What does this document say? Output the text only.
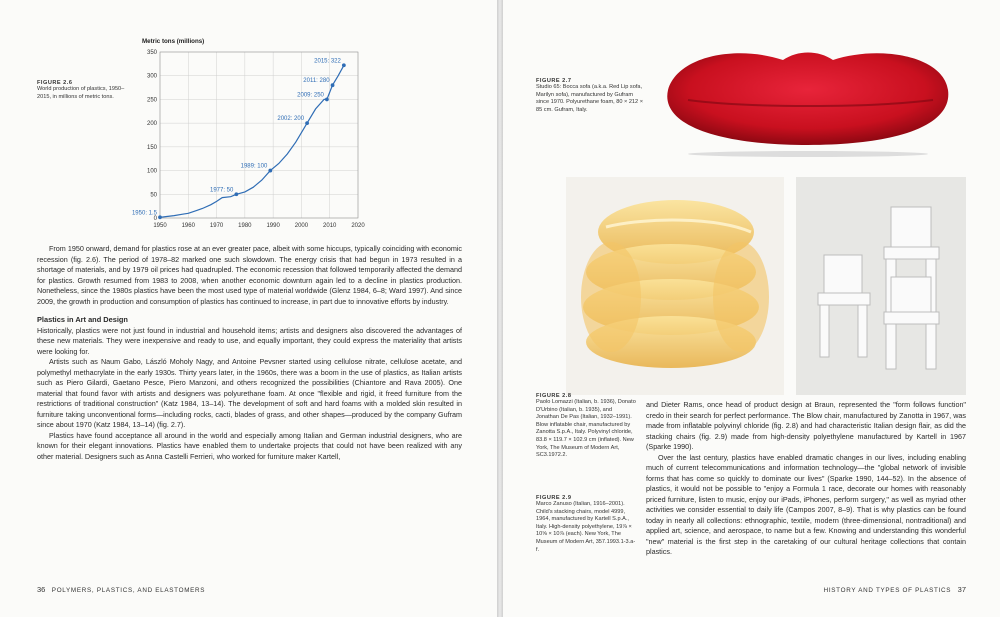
FIGURE 2.6
World production of plastics, 1950–2015, in millions of metric tons.
Metric tons (millions)
0
50
100
150
200
250
300
350
1950 1960 1970 1980 1990 2000 2010 2020
1950: 1.5
1977: 50
1989: 100
2002: 200
2009: 250
2011: 280
2015: 322

From 1950 onward, demand for plastics rose at an ever greater pace, albeit with some hiccups, typically coinciding with economic recession (fig. 2.6). The period of 1978–82 marked one such slowdown. The energy crisis that had begun in 1973 resulted in a shortage of materials, and by 1979 oil prices had quadrupled. The economic recession that followed temporarily affected the demand for plastics. Growth resumed from 1983 to 2008, when another economic downturn again led to a decline in plastics production. Nonetheless, since the 1980s plastics have been the most used type of material worldwide (Glenz 1984, 6–8; Ward 1997). And since 2009, the growth in production and consumption of plastics has continued to increase, in part due to innovative efforts by industry.

Plastics in Art and Design

Historically, plastics were not just found in industrial and household items; artists and designers also discovered the advantages of these new materials. They were inexpensive and ready to use, and equally important, they could express the materiality that artists were looking for.

Artists such as Naum Gabo, László Moholy Nagy, and Antoine Pevsner started using cellulose nitrate, cellulose acetate, and polymethyl methacrylate in the early 1930s. Thirty years later, in the 1960s, there was a boom in the use of plastics, as Italian artists such as Piero Gilardi, Gaetano Pesce, Piero Manzoni, and others recognized the possibilities (Chiantore and Rava 2005). One material that found favor with artists and designers was polyurethane foam. At once "flexible and rigid, it freed furniture from the restrictions of traditional construction" (Katz 1984, 13–14). The development of soft and hard foams with a molded skin resulted in furniture taking unconventional forms—including rocks, cacti, blades of grass, and other shapes—produced by the company Gufram since about 1970 (Katz 1984, 13–14) (fig. 2.7).

Plastics have found acceptance all around in the world and especially among Italian and German industrial designers, who are known for their elegant innovations. Plastics have enabled them to undertake projects that could not have been realized with any other material. Designers such as Anna Castelli Ferrieri, who worked for furniture maker Kartell,

36 POLYMERS, PLASTICS, AND ELASTOMERS
FIGURE 2.7
Studio 65: Bocca sofa (a.k.a. Red Lip sofa, Marilyn sofa), manufactured by Gufram since 1970. Polyurethane foam, 80 × 212 × 85 cm. Gufram, Italy.
FIGURE 2.8
Paolo Lomazzi (Italian, b. 1936), Donato D'Urbino (Italian, b. 1935), and Jonathan De Pas (Italian, 1932–1991). Blow inflatable chair, manufactured by Zanotta S.p.A., Italy. Polyvinyl chloride, 83.8 × 119.7 × 102.9 cm (inflated). New York, The Museum of Modern Art, SC3.1972.2.
FIGURE 2.9
Marco Zanuso (Italian, 1916–2001). Child's stacking chairs, model 4999, 1964, manufactured by Kartell S.p.A., Italy. High-density polyethylene, 19⅞ × 10⅝ × 10⅞ (each). New York, The Museum of Modern Art, 357.1993.1-3.a-f.

and Dieter Rams, once head of product design at Braun, represented the "form follows function" credo in their search for perfect performance. The Blow chair, manufactured by Zanotta in 1967, was made from inflatable polyvinyl chloride (fig. 2.8) and had characteristic Italian design flair, as did the stacking chairs (fig. 2.9) made from high-density polyethylene manufactured by Kartell in 1967 (Sparke 1990).

Over the last century, plastics have enabled dramatic changes in our lives, including enabling much of current telecommunications and information technology—the "global network of invisible forms that has come so quickly to dominate our lives" (Sparke 1990, 144–52). In the absence of plastics, it would not be possible to "enjoy a Formula 1 race, decorate our homes with reasonably priced furniture, listen to music, enjoy our iPads, iPhones, perform surgery," as well as myriad other activities we consider essential to daily life (Campos 2007, 8–9). That is why plastics can be found today in nearly all collections: ethnographic, textile, modern (three-dimensional, nontraditional) and applied art, science, and aerospace, to name but a few. Knowing and understanding this wonderful "new" material is the first step in the caretaking of our cultural heritage collections that contain plastics.

HISTORY AND TYPES OF PLASTICS 37
